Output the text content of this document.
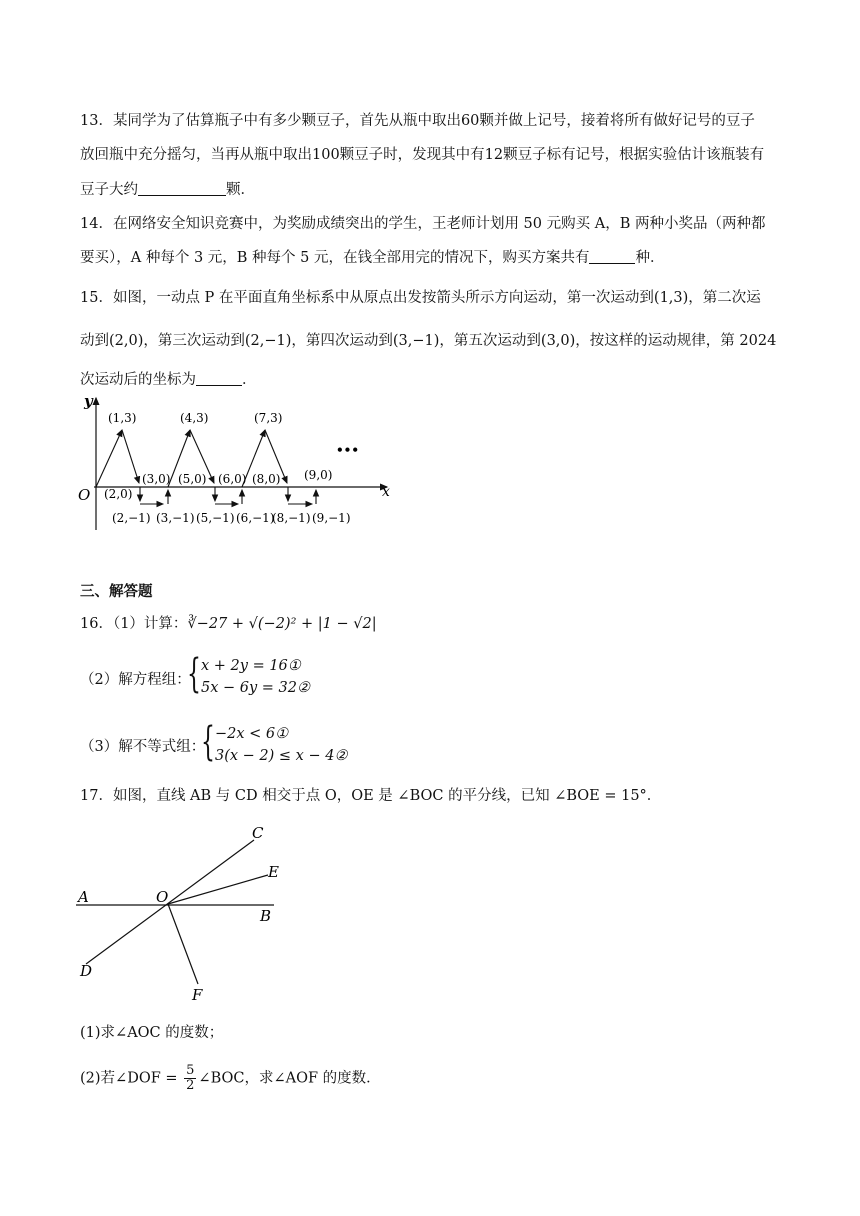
13．某同学为了估算瓶子中有多少颗豆子，首先从瓶中取出60颗并做上记号，接着将所有做好记号的豆子
放回瓶中充分摇匀，当再从瓶中取出100颗豆子时，发现其中有12颗豆子标有记号，根据实验估计该瓶装有
豆子大约	颗．
14．在网络安全知识竞赛中，为奖励成绩突出的学生，王老师计划用 50 元购买 A，B 两种小奖品（两种都
要买），A 种每个 3 元，B 种每个 5 元，在钱全部用完的情况下，购买方案共有	种．
15．如图，一动点 P 在平面直角坐标系中从原点出发按箭头所示方向运动，第一次运动到(1,3)，第二次运
动到(2,0)，第三次运动到(2,−1)，第四次运动到(3,−1)，第五次运动到(3,0)，按这样的运动规律，第 2024
次运动后的坐标为	．
y
x
O
•••
(1,3)	(4,3)	(7,3)
(2,0)
(3,0) (5,0) (6,0) (8,0) (9,0)
(2,−1) (3,−1) (5,−1) (6,−1)
(8,−1) (9,−1)
三、解答题
16．（1）计算：∛−27 + √(−2)² + |1 − √2|
（2）解方程组：
{ x + 2y = 16①
5x − 6y = 32②
（3）解不等式组：
{ −2x < 6①
3(x − 2) ≤ x − 4②
17．如图，直线 AB 与 CD 相交于点 O，OE 是 ∠BOC 的平分线，已知 ∠BOE = 15°．
A	O
B
C
E
D
F
(1)求∠AOC 的度数；
(2)若∠DOF = $\frac{5}{2}$ ∠BOC，求∠AOF 的度数．
